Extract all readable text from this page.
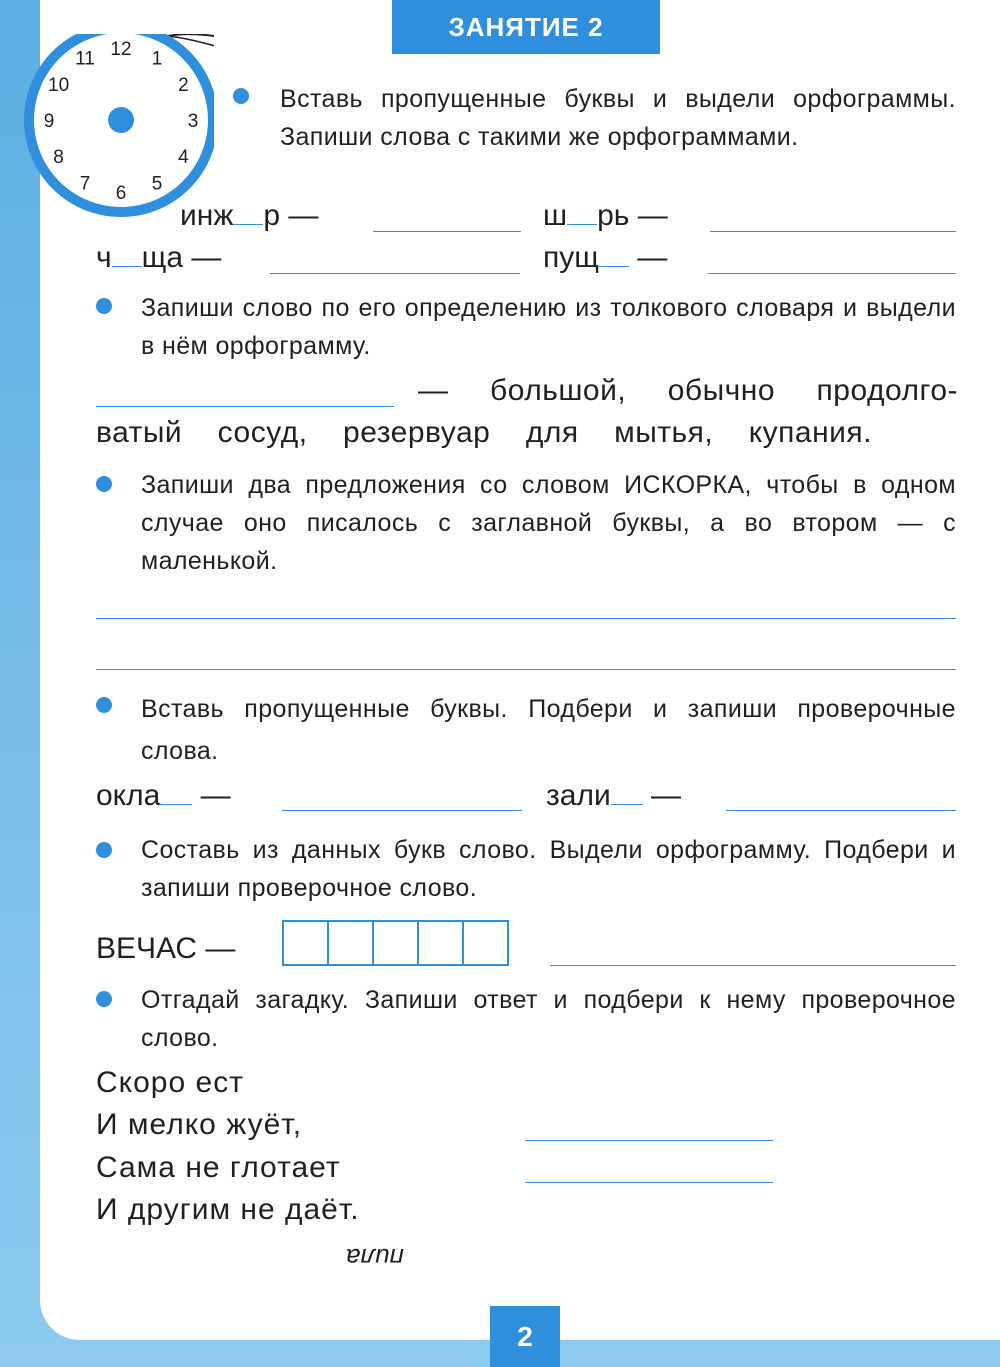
ЗАНЯТИЕ 2
12 1
2
3
4
5
6
7
8
9
10
11
Вставь пропущенные буквы и выдели орфограммы. Запиши слова с такими же орфограммами.
инж р —	ш рь —
ч ща —	пущ —
Запиши слово по его определению из толкового словаря и выдели в нём орфограмму.
— большой, обычно продолго-
ватый сосуд, резервуар для мытья, купания.
Запиши два предложения со словом ИСКОРКА, чтобы в одном случае оно писалось с заглавной буквы, а во втором — с маленькой.
Вставь пропущенные буквы. Подбери и запиши проверочные слова.
окла —	зали —
Составь из данных букв слово. Выдели орфограмму. Подбери и запиши проверочное слово.
ВЕЧАС —
Отгадай загадку. Запиши ответ и подбери к нему проверочное слово.
Скоро ест
И мелко жуёт,
Сама не глотает
И другим не даёт.
пила
2
